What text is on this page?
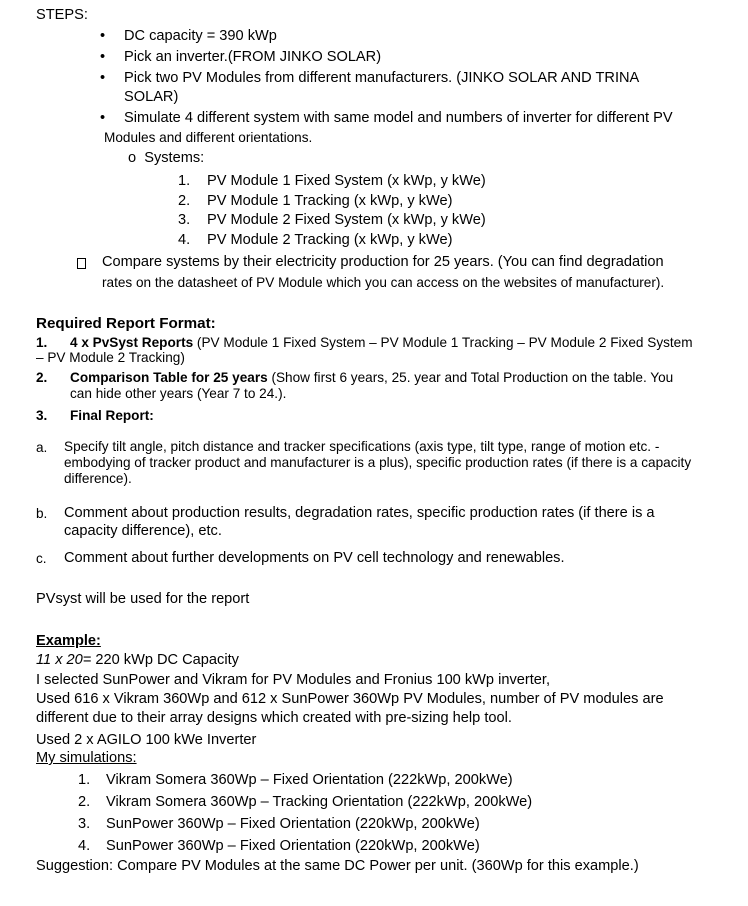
STEPS:
• DC capacity = 390 kWp
• Pick an inverter.(FROM JINKO SOLAR)
• Pick two PV Modules from different manufacturers. (JINKO SOLAR AND TRINA
SOLAR)
• Simulate 4 different system with same model and numbers of inverter for different PV
Modules and different orientations.
o Systems:
1. PV Module 1 Fixed System (x kWp, y kWe)
2. PV Module 1 Tracking (x kWp, y kWe)
3. PV Module 2 Fixed System (x kWp, y kWe)
4. PV Module 2 Tracking (x kWp, y kWe)
Compare systems by their electricity production for 25 years. (You can find degradation
rates on the datasheet of PV Module which you can access on the websites of manufacturer).
Required Report Format:
1. 4 x PvSyst Reports (PV Module 1 Fixed System – PV Module 1 Tracking – PV Module 2 Fixed System
– PV Module 2 Tracking)
2. Comparison Table for 25 years (Show first 6 years, 25. year and Total Production on the table. You
can hide other years (Year 7 to 24.).
3. Final Report:
a. Specify tilt angle, pitch distance and tracker specifications (axis type, tilt type, range of motion etc. -
embodying of tracker product and manufacturer is a plus), specific production rates (if there is a capacity
difference).
b. Comment about production results, degradation rates, specific production rates (if there is a
capacity difference), etc.
c. Comment about further developments on PV cell technology and renewables.
PVsyst will be used for the report
Example:
11 x 20= 220 kWp DC Capacity
I selected SunPower and Vikram for PV Modules and Fronius 100 kWp inverter,
Used 616 x Vikram 360Wp and 612 x SunPower 360Wp PV Modules, number of PV modules are
different due to their array designs which created with pre-sizing help tool.
Used 2 x AGILO 100 kWe Inverter
My simulations:
1. Vikram Somera 360Wp – Fixed Orientation (222kWp, 200kWe)
2. Vikram Somera 360Wp – Tracking Orientation (222kWp, 200kWe)
3. SunPower 360Wp – Fixed Orientation (220kWp, 200kWe)
4. SunPower 360Wp – Fixed Orientation (220kWp, 200kWe)
Suggestion: Compare PV Modules at the same DC Power per unit. (360Wp for this example.)
